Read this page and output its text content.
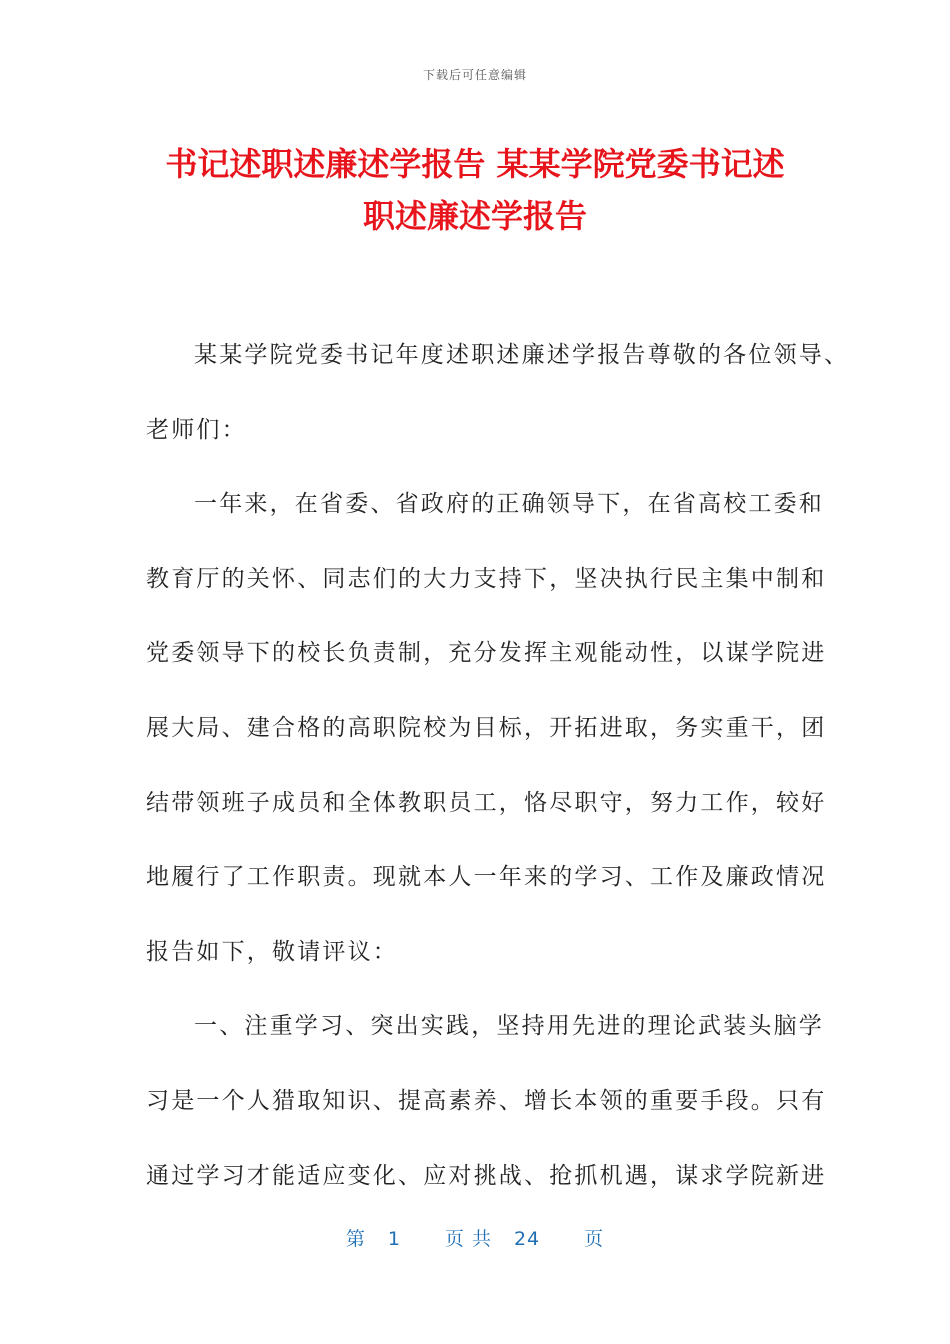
下载后可任意编辑
书记述职述廉述学报告 某某学院党委书记述
职述廉述学报告
某某学院党委书记年度述职述廉述学报告尊敬的各位领导、
老师们：
一年来，在省委、省政府的正确领导下，在省高校工委和
教育厅的关怀、同志们的大力支持下，坚决执行民主集中制和
党委领导下的校长负责制，充分发挥主观能动性，以谋学院进
展大局、建合格的高职院校为目标，开拓进取，务实重干，团
结带领班子成员和全体教职员工，恪尽职守，努力工作，较好
地履行了工作职责。现就本人一年来的学习、工作及廉政情况
报告如下，敬请评议：
一、注重学习、突出实践，坚持用先进的理论武装头脑学
习是一个人猎取知识、提高素养、增长本领的重要手段。只有
通过学习才能适应变化、应对挑战、抢抓机遇，谋求学院新进
第 1 页 共 24 页
